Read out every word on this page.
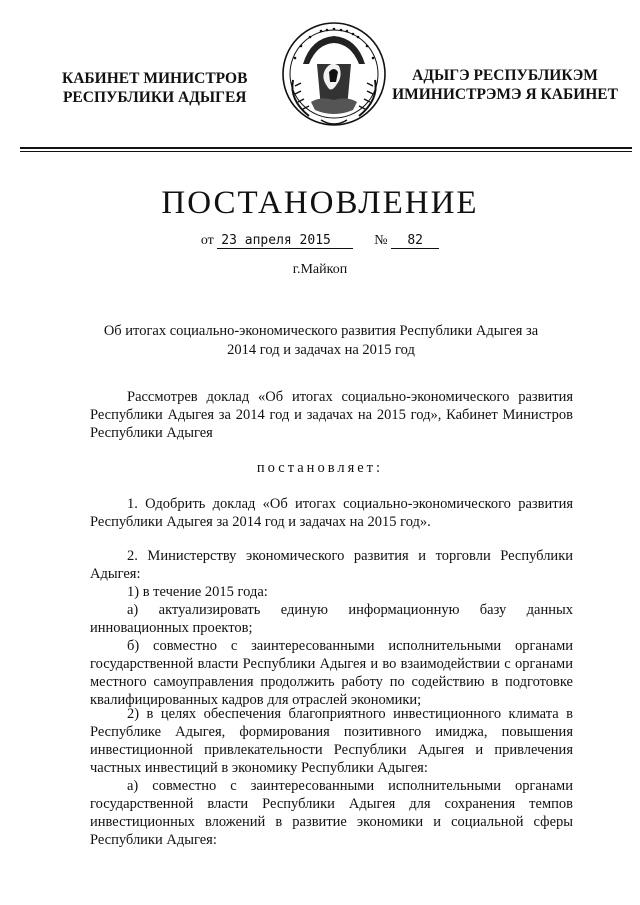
КАБИНЕТ МИНИСТРОВ
РЕСПУБЛИКИ АДЫГЕЯ
АДЫГЭ РЕСПУБЛИКЭМ
ИМИНИСТРЭМЭ Я КАБИНЕТ
ПОСТАНОВЛЕНИЕ
от 23 апреля 2015	№ 82
г.Майкоп
Об итогах социально-экономического развития Республики Адыгея за 2014 год и задачах на 2015 год
Рассмотрев доклад «Об итогах социально-экономического развития Республики Адыгея за 2014 год и задачах на 2015 год», Кабинет Министров Республики Адыгея
постановляет:
1. Одобрить доклад «Об итогах социально-экономического развития Республики Адыгея за 2014 год и задачах на 2015 год».
2. Министерству экономического развития и торговли Республики Адыгея:
1) в течение 2015 года:
а) актуализировать единую информационную базу данных инновационных проектов;
б) совместно с заинтересованными исполнительными органами государственной власти Республики Адыгея и во взаимодействии с органами местного самоуправления продолжить работу по содействию в подготовке квалифицированных кадров для отраслей экономики;
2) в целях обеспечения благоприятного инвестиционного климата в Республике Адыгея, формирования позитивного имиджа, повышения инвестиционной привлекательности Республики Адыгея и привлечения частных инвестиций в экономику Республики Адыгея:
а) совместно с заинтересованными исполнительными органами государственной власти Республики Адыгея для сохранения темпов инвестиционных вложений в развитие экономики и социальной сферы Республики Адыгея:
